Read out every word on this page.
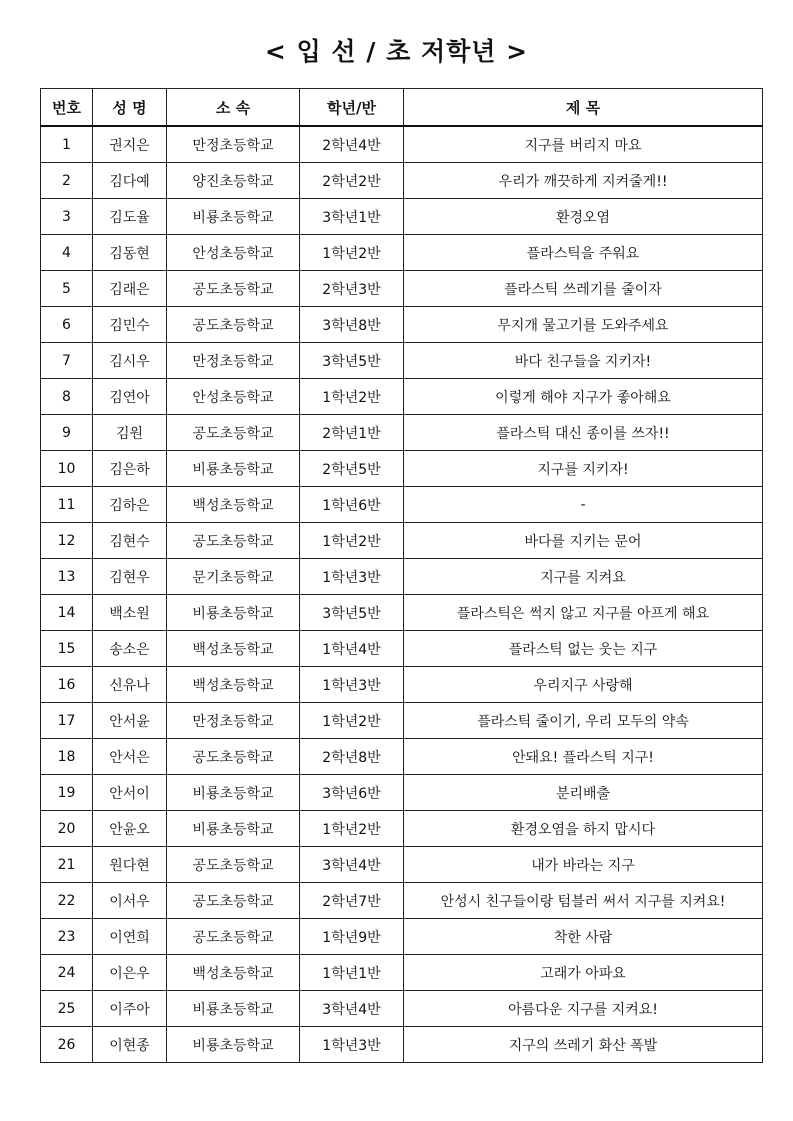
< 입 선 / 초 저학년 >
번호	성 명	소 속	학년/반	제 목
1	권지은	만정초등학교	2학년4반	지구를 버리지 마요
2	김다예	양진초등학교	2학년2반	우리가 깨끗하게 지켜줄게!!
3	김도율	비룡초등학교	3학년1반	환경오염
4	김동현	안성초등학교	1학년2반	플라스틱을 주워요
5	김래은	공도초등학교	2학년3반	플라스틱 쓰레기를 줄이자
6	김민수	공도초등학교	3학년8반	무지개 물고기를 도와주세요
7	김시우	만정초등학교	3학년5반	바다 친구들을 지키자!
8	김연아	안성초등학교	1학년2반	이렇게 해야 지구가 좋아해요
9	김원	공도초등학교	2학년1반	플라스틱 대신 종이를 쓰자!!
10	김은하	비룡초등학교	2학년5반	지구를 지키자!
11	김하은	백성초등학교	1학년6반	-
12	김현수	공도초등학교	1학년2반	바다를 지키는 문어
13	김현우	문기초등학교	1학년3반	지구를 지켜요
14	백소원	비룡초등학교	3학년5반	플라스틱은 썩지 않고 지구를 아프게 해요
15	송소은	백성초등학교	1학년4반	플라스틱 없는 웃는 지구
16	신유나	백성초등학교	1학년3반	우리지구 사랑해
17	안서윤	만정초등학교	1학년2반	플라스틱 줄이기, 우리 모두의 약속
18	안서은	공도초등학교	2학년8반	안돼요! 플라스틱 지구!
19	안서이	비룡초등학교	3학년6반	분리배출
20	안윤오	비룡초등학교	1학년2반	환경오염을 하지 맙시다
21	원다현	공도초등학교	3학년4반	내가 바라는 지구
22	이서우	공도초등학교	2학년7반	안성시 친구들이랑 텀블러 써서 지구를 지켜요!
23	이연희	공도초등학교	1학년9반	착한 사람
24	이은우	백성초등학교	1학년1반	고래가 아파요
25	이주아	비룡초등학교	3학년4반	아름다운 지구를 지켜요!
26	이현종	비룡초등학교	1학년3반	지구의 쓰레기 화산 폭발
